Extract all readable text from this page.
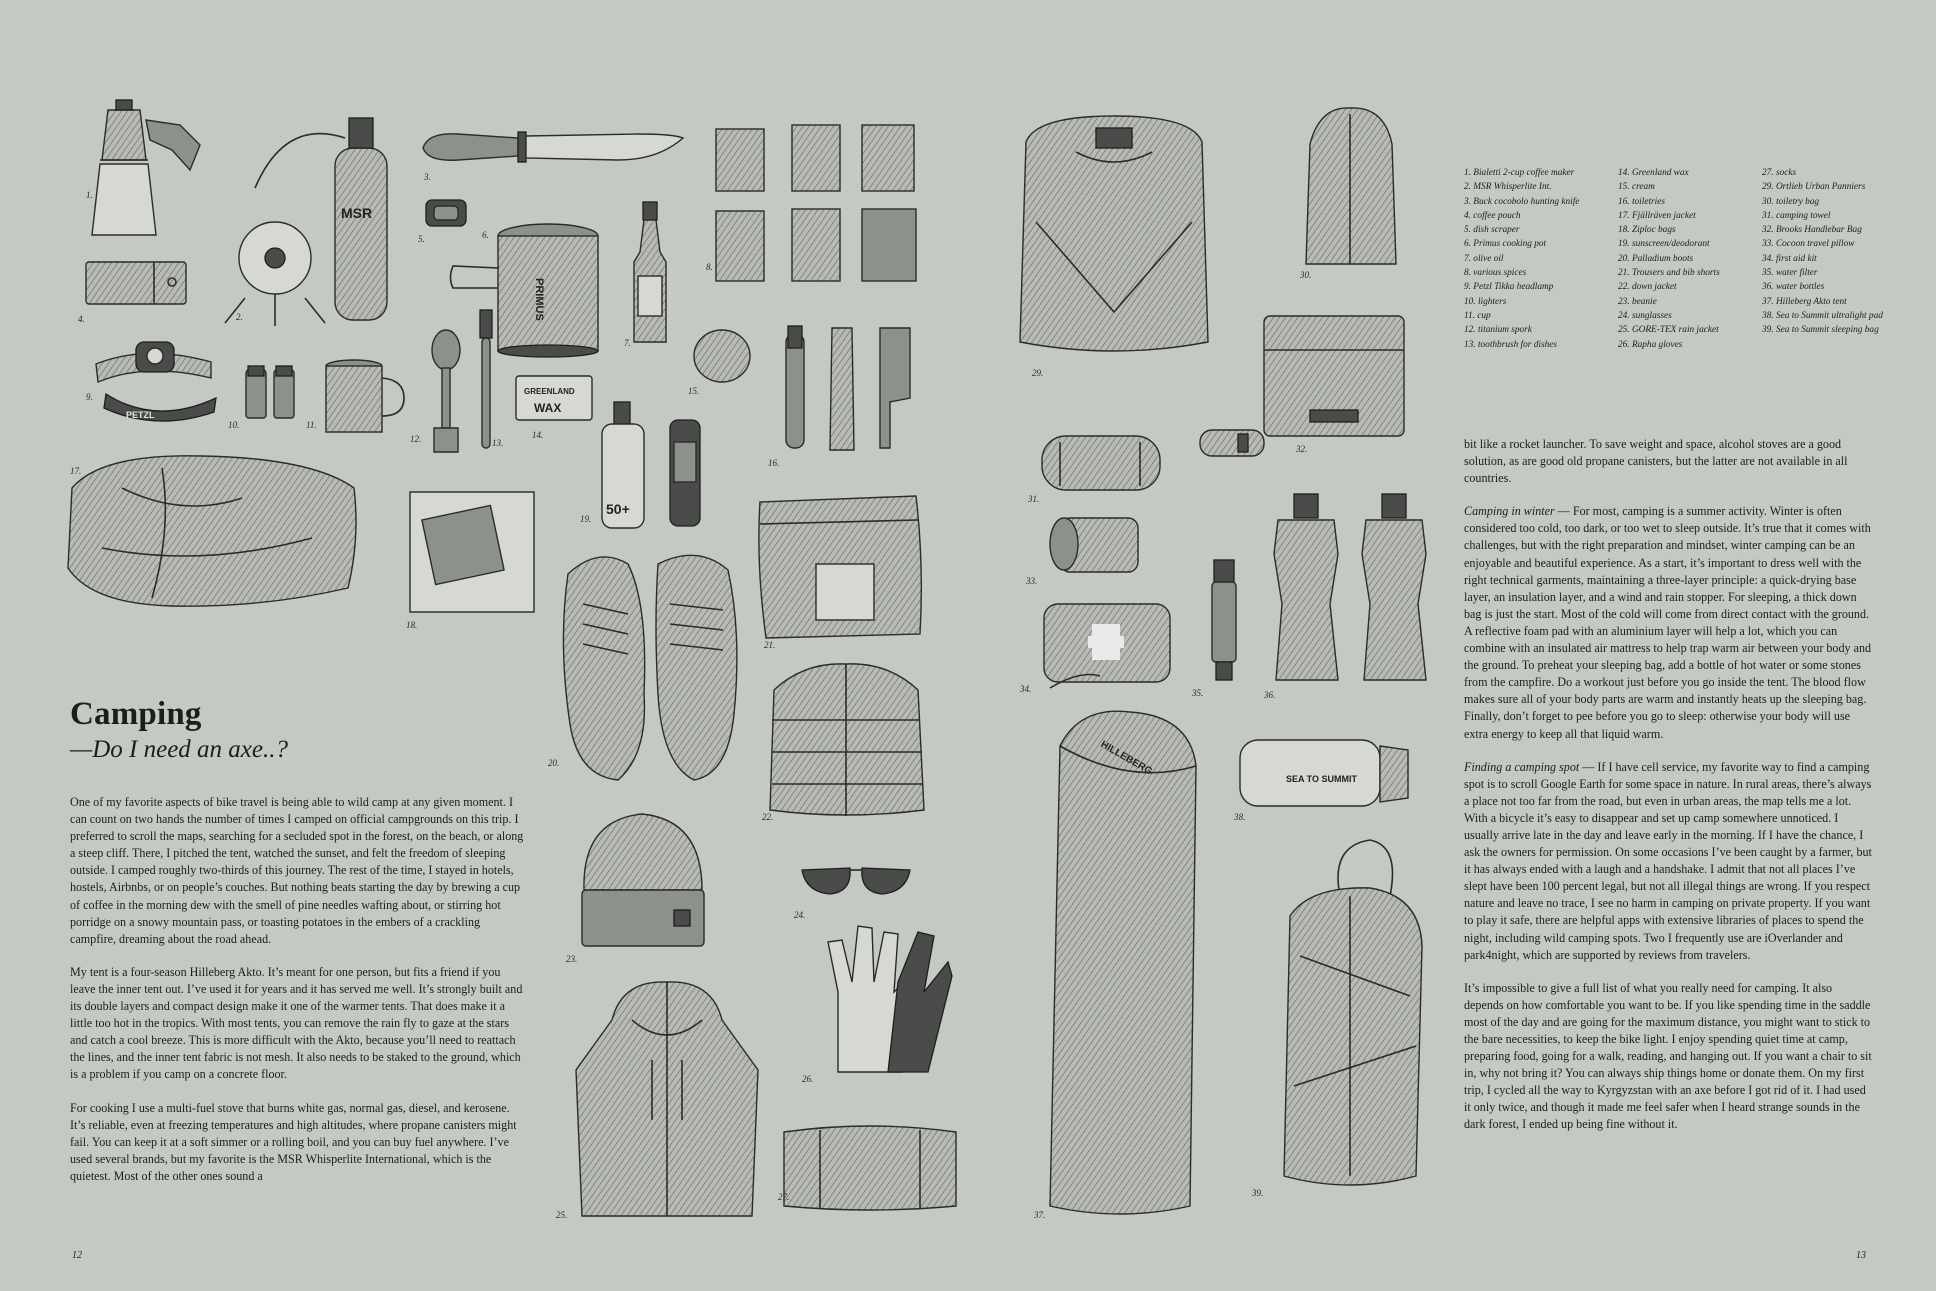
1.
4.
MSR
2.
3.
5.
PRIMUS
6.
7.
8.
PETZL
9.
10.	11.
12.	13.
GREENLAND
WAX
14.
15.
16.
17.
18.
50+
19.
20.
21.
22.
23.
24.
25.
26.
27.
29.
30.
32.
31.
33.
34.	35.	36.
HILLEBERG
37.
SEA TO SUMMIT
38.
39.
1. Bialetti 2-cup coffee maker
2. MSR Whisperlite Int.
3. Buck cocobolo hunting knife
4. coffee pouch
5. dish scraper
6. Primus cooking pot
7. olive oil
8. various spices
9. Petzl Tikka headlamp
10. lighters
11. cup
12. titanium spork
13. toothbrush for dishes
14. Greenland wax
15. cream
16. toiletries
17. Fjällräven jacket
18. Ziploc bags
19. sunscreen/deodorant
20. Palladium boots
21. Trousers and bib shorts
22. down jacket
23. beanie
24. sunglasses
25. GORE-TEX rain jacket
26. Rapha gloves
27. socks
29. Ortlieb Urban Panniers
30. toiletry bag
31. camping towel
32. Brooks Handlebar Bag
33. Cocoon travel pillow
34. first aid kit
35. water filter
36. water bottles
37. Hilleberg Akto tent
38. Sea to Summit ultralight pad
39. Sea to Summit sleeping bag
Camping
—Do I need an axe..?

One of my favorite aspects of bike travel is being able to wild camp at any given moment. I can count on two hands the number of times I camped on official campgrounds on this trip. I preferred to scroll the maps, searching for a secluded spot in the forest, on the beach, or along a steep cliff. There, I pitched the tent, watched the sunset, and felt the freedom of sleeping outside. I camped roughly two-thirds of this journey. The rest of the time, I stayed in hotels, hostels, Airbnbs, or on people’s couches. But nothing beats starting the day by brewing a cup of coffee in the morning dew with the smell of pine needles wafting about, or stirring hot porridge on a snowy mountain pass, or toasting potatoes in the embers of a crackling campfire, dreaming about the road ahead.

My tent is a four-season Hilleberg Akto. It’s meant for one person, but fits a friend if you leave the inner tent out. I’ve used it for years and it has served me well. It’s strongly built and its double layers and compact design make it one of the warmer tents. That does make it a little too hot in the tropics. With most tents, you can remove the rain fly to gaze at the stars and catch a cool breeze. This is more difficult with the Akto, because you’ll need to reattach the lines, and the inner tent fabric is not mesh. It also needs to be staked to the ground, which is a problem if you camp on a concrete floor.

For cooking I use a multi-fuel stove that burns white gas, normal gas, diesel, and kerosene. It’s reliable, even at freezing temperatures and high altitudes, where propane canisters might fail. You can keep it at a soft simmer or a rolling boil, and you can buy fuel anywhere. I’ve used several brands, but my favorite is the MSR Whisperlite International, which is the quietest. Most of the other ones sound a

bit like a rocket launcher. To save weight and space, alcohol stoves are a good solution, as are good old propane canisters, but the latter are not available in all countries.

Camping in winter — For most, camping is a summer activity. Winter is often considered too cold, too dark, or too wet to sleep outside. It’s true that it comes with challenges, but with the right preparation and mindset, winter camping can be an enjoyable and beautiful experience. As a start, it’s important to dress well with the right technical garments, maintaining a three-layer principle: a quick-drying base layer, an insulation layer, and a wind and rain stopper. For sleeping, a thick down bag is just the start. Most of the cold will come from direct contact with the ground. A reflective foam pad with an aluminium layer will help a lot, which you can combine with an insulated air mattress to help trap warm air between your body and the ground. To preheat your sleeping bag, add a bottle of hot water or some stones from the campfire. Do a workout just before you go inside the tent. The blood flow makes sure all of your body parts are warm and instantly heats up the sleeping bag. Finally, don’t forget to pee before you go to sleep: otherwise your body will use extra energy to keep all that liquid warm.

Finding a camping spot — If I have cell service, my favorite way to find a camping spot is to scroll Google Earth for some space in nature. In rural areas, there’s always a place not too far from the road, but even in urban areas, the map tells me a lot. With a bicycle it’s easy to disappear and set up camp somewhere unnoticed. I usually arrive late in the day and leave early in the morning. If I have the chance, I ask the owners for permission. On some occasions I’ve been caught by a farmer, but it has always ended with a laugh and a handshake. I admit that not all places I’ve slept have been 100 percent legal, but not all illegal things are wrong. If you respect nature and leave no trace, I see no harm in camping on private property. If you want to play it safe, there are helpful apps with extensive libraries of places to spend the night, including wild camping spots. Two I frequently use are iOverlander and park4night, which are supported by reviews from travelers.

It’s impossible to give a full list of what you really need for camping. It also depends on how comfortable you want to be. If you like spending time in the saddle most of the day and are going for the maximum distance, you might want to stick to the bare necessities, to keep the bike light. I enjoy spending quiet time at camp, preparing food, going for a walk, reading, and hanging out. If you want a chair to sit in, why not bring it? You can always ship things home or donate them. On my first trip, I cycled all the way to Kyrgyzstan with an axe before I got rid of it. I had used it only twice, and though it made me feel safer when I heard strange sounds in the dark forest, I ended up being fine without it.

12	13
